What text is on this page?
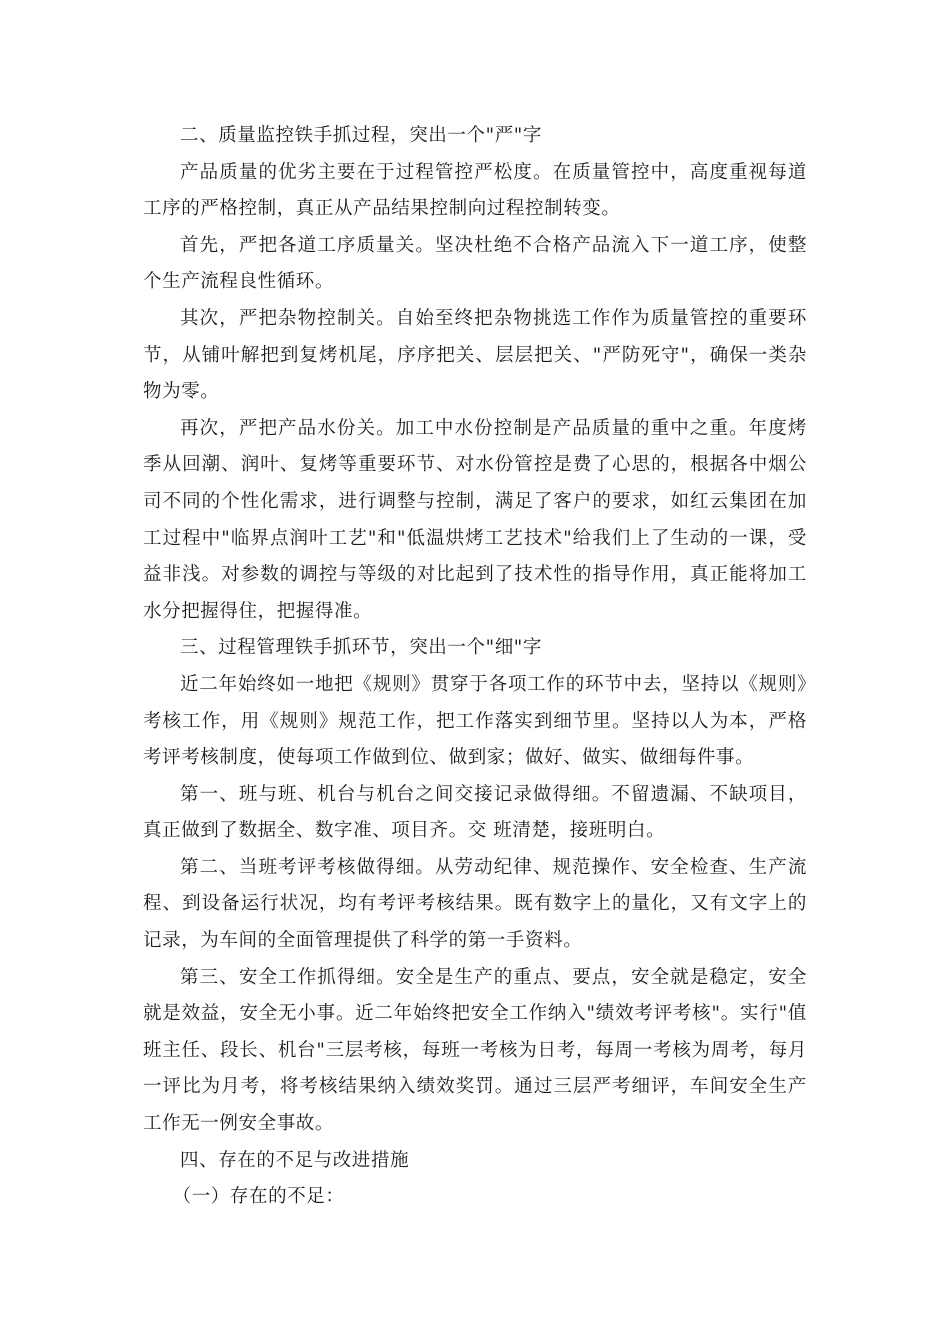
二、质量监控铁手抓过程，突出一个"严"字

产品质量的优劣主要在于过程管控严松度。在质量管控中，高度重视每道工序的严格控制，真正从产品结果控制向过程控制转变。

首先，严把各道工序质量关。坚决杜绝不合格产品流入下一道工序，使整个生产流程良性循环。

其次，严把杂物控制关。自始至终把杂物挑选工作作为质量管控的重要环节，从铺叶解把到复烤机尾，序序把关、层层把关、"严防死守"，确保一类杂物为零。

再次，严把产品水份关。加工中水份控制是产品质量的重中之重。年度烤季从回潮、润叶、复烤等重要环节、对水份管控是费了心思的，根据各中烟公司不同的个性化需求，进行调整与控制，满足了客户的要求，如红云集团在加工过程中"临界点润叶工艺"和"低温烘烤工艺技术"给我们上了生动的一课，受益非浅。对参数的调控与等级的对比起到了技术性的指导作用，真正能将加工水分把握得住，把握得准。

三、过程管理铁手抓环节，突出一个"细"字

近二年始终如一地把《规则》贯穿于各项工作的环节中去，坚持以《规则》考核工作，用《规则》规范工作，把工作落实到细节里。坚持以人为本，严格考评考核制度，使每项工作做到位、做到家；做好、做实、做细每件事。

第一、班与班、机台与机台之间交接记录做得细。不留遗漏、不缺项目，真正做到了数据全、数字准、项目齐。交 班清楚，接班明白。

第二、当班考评考核做得细。从劳动纪律、规范操作、安全检查、生产流程、到设备运行状况，均有考评考核结果。既有数字上的量化，又有文字上的记录，为车间的全面管理提供了科学的第一手资料。

第三、安全工作抓得细。安全是生产的重点、要点，安全就是稳定，安全就是效益，安全无小事。近二年始终把安全工作纳入"绩效考评考核"。实行"值班主任、段长、机台"三层考核，每班一考核为日考，每周一考核为周考，每月一评比为月考，将考核结果纳入绩效奖罚。通过三层严考细评，车间安全生产工作无一例安全事故。

四、存在的不足与改进措施

（一）存在的不足：
